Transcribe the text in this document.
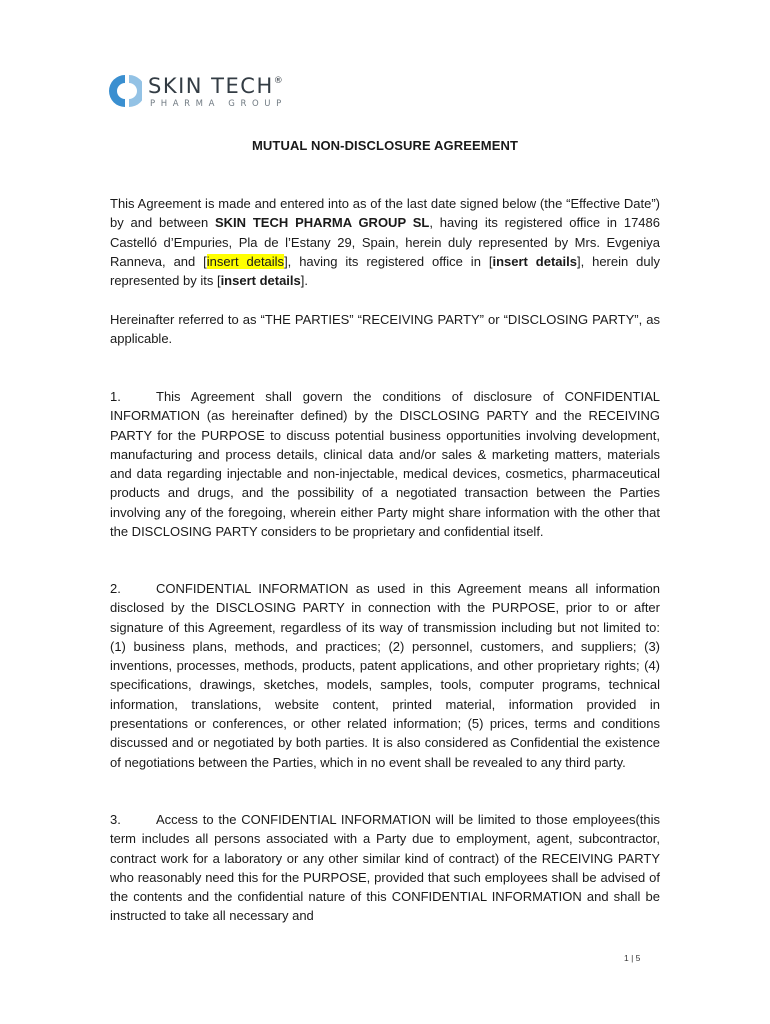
SKIN TECH®
PHARMA GROUP
MUTUAL NON-DISCLOSURE AGREEMENT

This Agreement is made and entered into as of the last date signed below (the “Effective Date”) by and between SKIN TECH PHARMA GROUP SL, having its registered office in 17486 Castelló d’Empuries, Pla de l’Estany 29, Spain, herein duly represented by Mrs. Evgeniya Ranneva, and [insert details], having its registered office in [insert details], herein duly represented by its [insert details].

Hereinafter referred to as “THE PARTIES” “RECEIVING PARTY” or “DISCLOSING PARTY”, as applicable.

1.	This Agreement shall govern the conditions of disclosure of CONFIDENTIAL INFORMATION (as hereinafter defined) by the DISCLOSING PARTY and the RECEIVING PARTY for the PURPOSE to discuss potential business opportunities involving development, manufacturing and process details, clinical data and/or sales & marketing matters, materials and data regarding injectable and non-injectable, medical devices, cosmetics, pharmaceutical products and drugs, and the possibility of a negotiated transaction between the Parties involving any of the foregoing, wherein either Party might share information with the other that the DISCLOSING PARTY considers to be proprietary and confidential itself.

2.	CONFIDENTIAL INFORMATION as used in this Agreement means all information disclosed by the DISCLOSING PARTY in connection with the PURPOSE, prior to or after signature of this Agreement, regardless of its way of transmission including but not limited to: (1) business plans, methods, and practices; (2) personnel, customers, and suppliers; (3) inventions, processes, methods, products, patent applications, and other proprietary rights; (4) specifications, drawings, sketches, models, samples, tools, computer programs, technical information, translations, website content, printed material, information provided in presentations or conferences, or other related information; (5) prices, terms and conditions discussed and or negotiated by both parties. It is also considered as Confidential the existence of negotiations between the Parties, which in no event shall be revealed to any third party.

3.	Access to the CONFIDENTIAL INFORMATION will be limited to those employees(this term includes all persons associated with a Party due to employment, agent, subcontractor, contract work for a laboratory or any other similar kind of contract) of the RECEIVING PARTY who reasonably need this for the PURPOSE, provided that such employees shall be advised of the contents and the confidential nature of this CONFIDENTIAL INFORMATION and shall be instructed to take all necessary and

1 | 5
